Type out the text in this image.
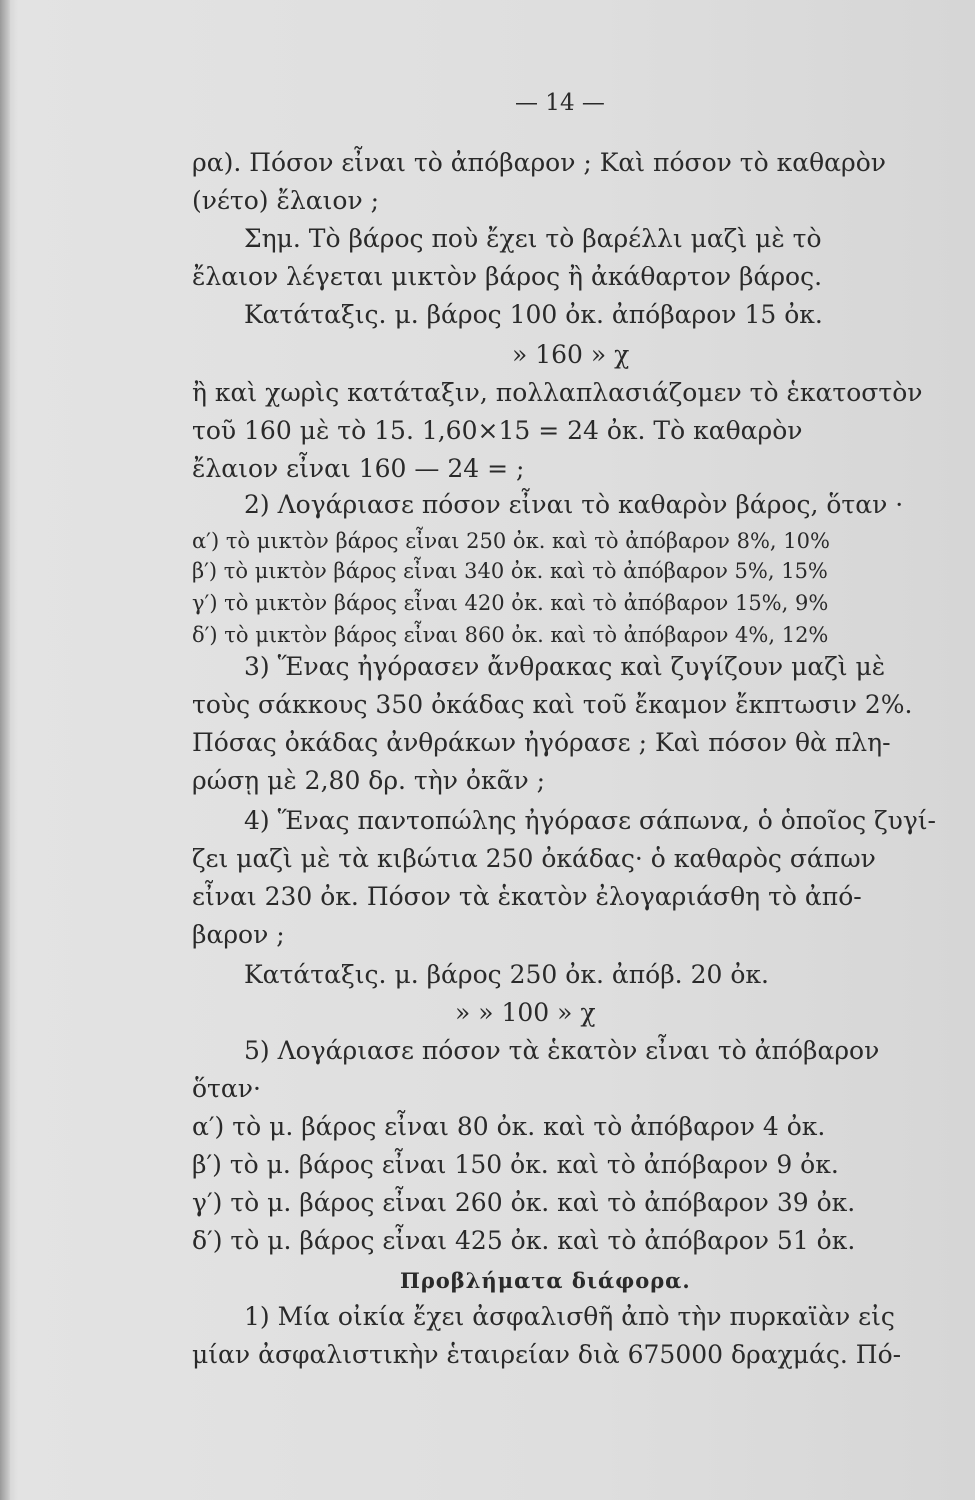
— 14 —
ρα). Πόσον εἶναι τὸ ἀπόβαρον ; Καὶ πόσον τὸ καθαρὸν
(νέτο) ἔλαιον ;
Σημ. Τὸ βάρος ποὺ ἔχει τὸ βαρέλλι μαζὶ μὲ τὸ
ἔλαιον λέγεται μικτὸν βάρος ἢ ἀκάθαρτον βάρος.
Κατάταξις. μ. βάρος 100 ὀκ. ἀπόβαρον 15 ὀκ.
» 160 » χ
ἢ καὶ χωρὶς κατάταξιν, πολλαπλασιάζομεν τὸ ἑκατοστὸν
τοῦ 160 μὲ τὸ 15. 1,60×15 = 24 ὀκ. Τὸ καθαρὸν
ἔλαιον εἶναι 160 — 24 = ;
2) Λογάριασε πόσον εἶναι τὸ καθαρὸν βάρος, ὅταν ·
α′) τὸ μικτὸν βάρος εἶναι 250 ὀκ. καὶ τὸ ἀπόβαρον 8%, 10%
β′) τὸ μικτὸν βάρος εἶναι 340 ὀκ. καὶ τὸ ἀπόβαρον 5%, 15%
γ′) τὸ μικτὸν βάρος εἶναι 420 ὀκ. καὶ τὸ ἀπόβαρον 15%, 9%
δ′) τὸ μικτὸν βάρος εἶναι 860 ὀκ. καὶ τὸ ἀπόβαρον 4%, 12%
3) Ἕνας ἠγόρασεν ἄνθρακας καὶ ζυγίζουν μαζὶ μὲ
τοὺς σάκκους 350 ὀκάδας καὶ τοῦ ἔκαμον ἔκπτωσιν 2%.
Πόσας ὀκάδας ἀνθράκων ἠγόρασε ; Καὶ πόσον θὰ πλη-
ρώσῃ μὲ 2,80 δρ. τὴν ὀκᾶν ;
4) Ἕνας παντοπώλης ἠγόρασε σάπωνα, ὁ ὁποῖος ζυγί-
ζει μαζὶ μὲ τὰ κιβώτια 250 ὀκάδας· ὁ καθαρὸς σάπων
εἶναι 230 ὀκ. Πόσον τὰ ἑκατὸν ἐλογαριάσθη τὸ ἀπό-
βαρον ;
Κατάταξις. μ. βάρος 250 ὀκ. ἀπόβ. 20 ὀκ.
» » 100 » χ
5) Λογάριασε πόσον τὰ ἑκατὸν εἶναι τὸ ἀπόβαρον
ὅταν·
α′) τὸ μ. βάρος εἶναι 80 ὀκ. καὶ τὸ ἀπόβαρον 4 ὀκ.
β′) τὸ μ. βάρος εἶναι 150 ὀκ. καὶ τὸ ἀπόβαρον 9 ὀκ.
γ′) τὸ μ. βάρος εἶναι 260 ὀκ. καὶ τὸ ἀπόβαρον 39 ὀκ.
δ′) τὸ μ. βάρος εἶναι 425 ὀκ. καὶ τὸ ἀπόβαρον 51 ὀκ.
Προβλήματα διάφορα.
1) Μία οἰκία ἔχει ἀσφαλισθῆ ἀπὸ τὴν πυρκαϊὰν εἰς
μίαν ἀσφαλιστικὴν ἑταιρείαν διὰ 675000 δραχμάς. Πό-
